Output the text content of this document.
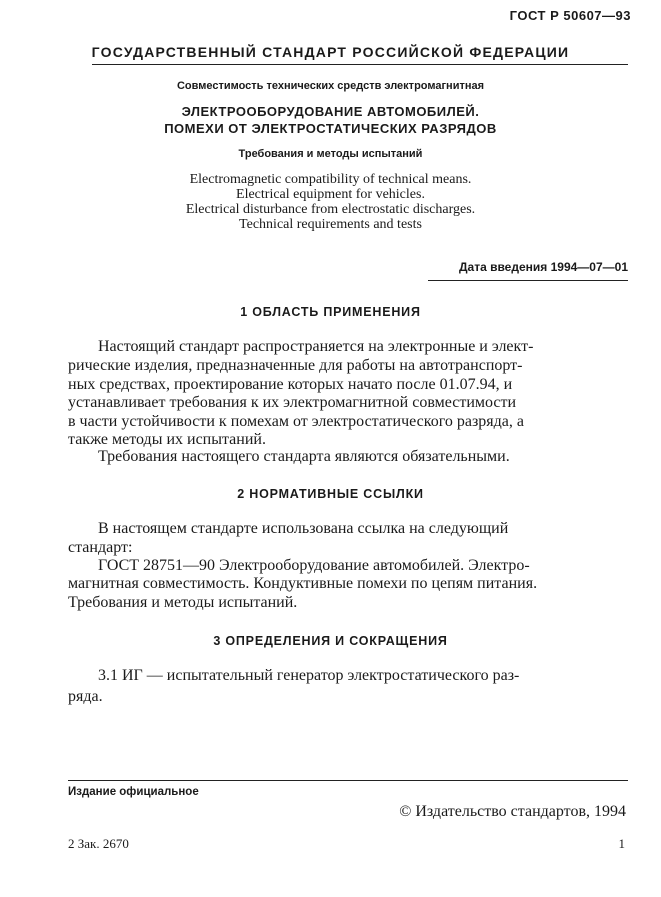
ГОСТ Р 50607—93
ГОСУДАРСТВЕННЫЙ СТАНДАРТ РОССИЙСКОЙ ФЕДЕРАЦИИ
Совместимость технических средств электромагнитная
ЭЛЕКТРООБОРУДОВАНИЕ АВТОМОБИЛЕЙ.
ПОМЕХИ ОТ ЭЛЕКТРОСТАТИЧЕСКИХ РАЗРЯДОВ
Требования и методы испытаний
Electromagnetic compatibility of technical means.
Electrical equipment for vehicles.
Electrical disturbance from electrostatic discharges.
Technical requirements and tests
Дата введения 1994—07—01
1 ОБЛАСТЬ ПРИМЕНЕНИЯ
Настоящий стандарт распространяется на электронные и элект-
рические изделия, предназначенные для работы на автотранспорт-
ных средствах, проектирование которых начато после 01.07.94, и
устанавливает требования к их электромагнитной совместимости
в части устойчивости к помехам от электростатического разряда, а
также методы их испытаний.
Требования настоящего стандарта являются обязательными.
2 НОРМАТИВНЫЕ ССЫЛКИ
В настоящем стандарте использована ссылка на следующий
стандарт:
ГОСТ 28751—90 Электрооборудование автомобилей. Электро-
магнитная совместимость. Кондуктивные помехи по цепям питания.
Требования и методы испытаний.
3 ОПРЕДЕЛЕНИЯ И СОКРАЩЕНИЯ
3.1 ИГ — испытательный генератор электростатического раз-
ряда.
Издание официальное
© Издательство стандартов, 1994
2 Зак. 2670	1
